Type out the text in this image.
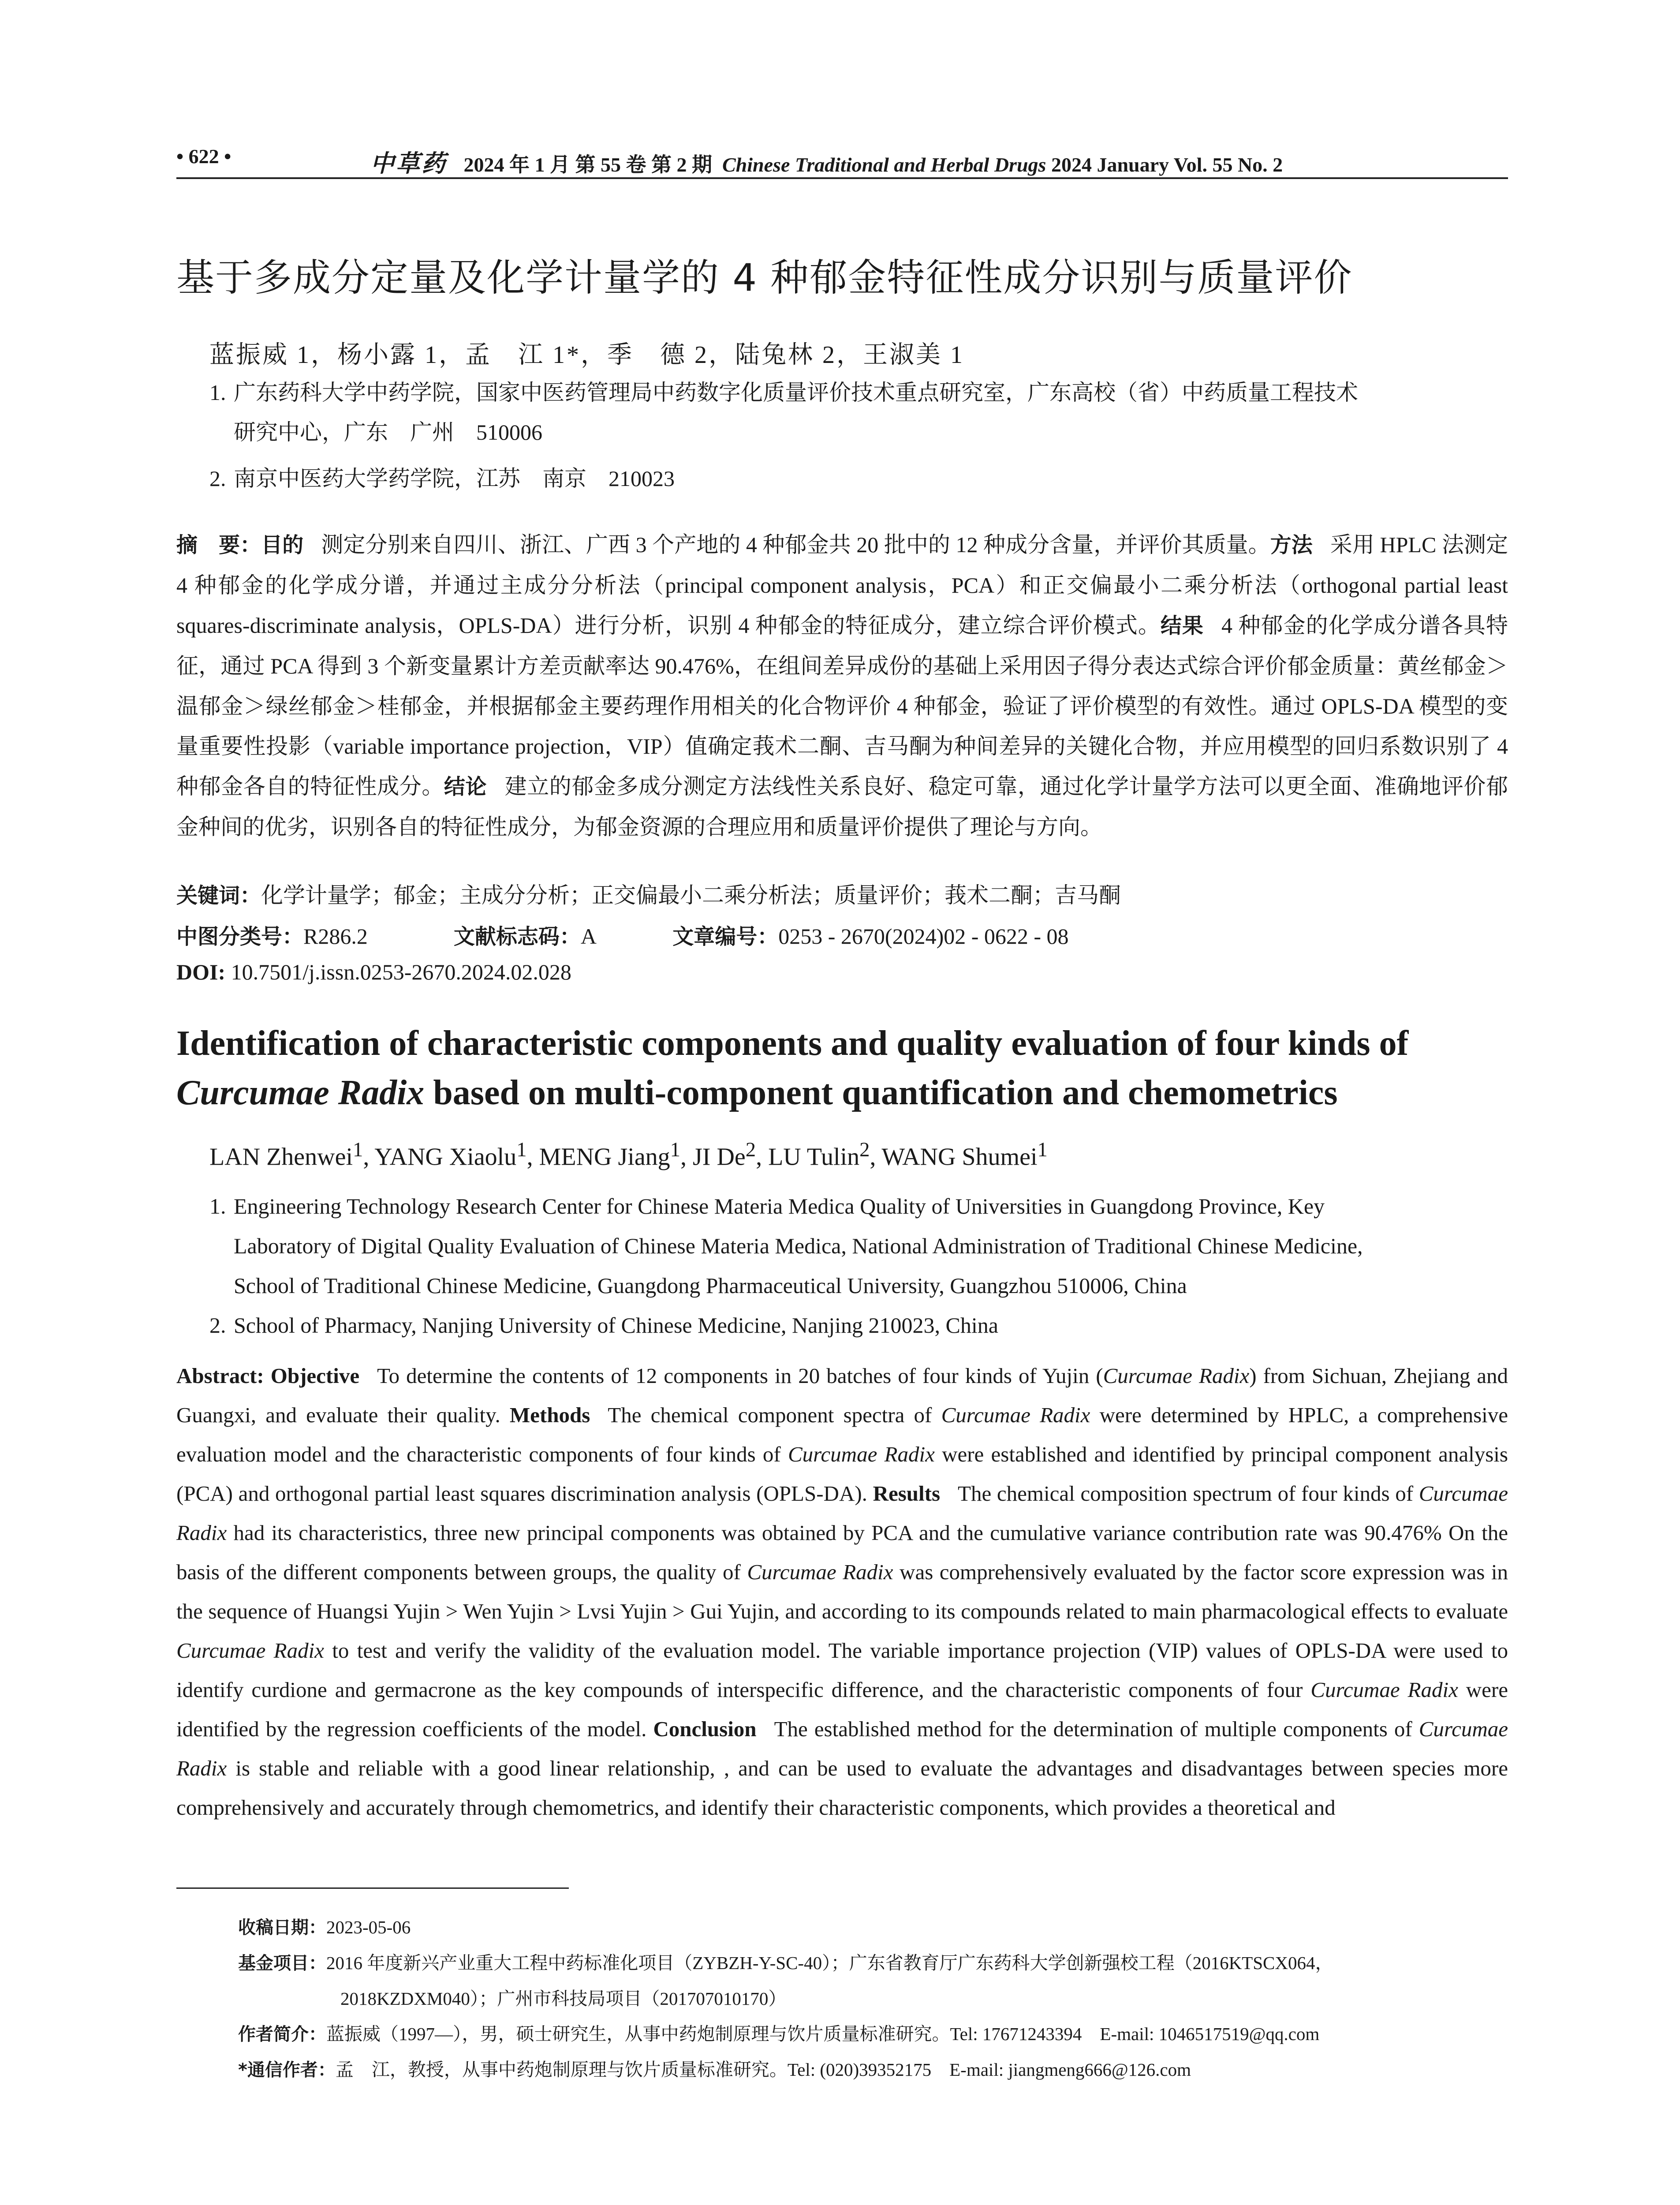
• 622 •	中草药 2024 年 1 月 第 55 卷 第 2 期 Chinese Traditional and Herbal Drugs 2024 January Vol. 55 No. 2
基于多成分定量及化学计量学的 4 种郁金特征性成分识别与质量评价
蓝振威 1，杨小露 1，孟　江 1*，季　德 2，陆兔林 2，王淑美 1
1. 广东药科大学中药学院，国家中医药管理局中药数字化质量评价技术重点研究室，广东高校（省）中药质量工程技术
研究中心，广东　广州　510006
2. 南京中医药大学药学院，江苏　南京　210023
摘　要：目的 测定分别来自四川、浙江、广西 3 个产地的 4 种郁金共 20 批中的 12 种成分含量，并评价其质量。方法 采用 HPLC 法测定 4 种郁金的化学成分谱，并通过主成分分析法（principal component analysis，PCA）和正交偏最小二乘分析法（orthogonal partial least squares-discriminate analysis，OPLS-DA）进行分析，识别 4 种郁金的特征成分，建立综合评价模式。结果 4 种郁金的化学成分谱各具特征，通过 PCA 得到 3 个新变量累计方差贡献率达 90.476%，在组间差异成份的基础上采用因子得分表达式综合评价郁金质量：黄丝郁金＞温郁金＞绿丝郁金＞桂郁金，并根据郁金主要药理作用相关的化合物评价 4 种郁金，验证了评价模型的有效性。通过 OPLS-DA 模型的变量重要性投影（variable importance projection，VIP）值确定莪术二酮、吉马酮为种间差异的关键化合物，并应用模型的回归系数识别了 4 种郁金各自的特征性成分。结论 建立的郁金多成分测定方法线性关系良好、稳定可靠，通过化学计量学方法可以更全面、准确地评价郁金种间的优劣，识别各自的特征性成分，为郁金资源的合理应用和质量评价提供了理论与方向。
关键词：化学计量学；郁金；主成分分析；正交偏最小二乘分析法；质量评价；莪术二酮；吉马酮
中图分类号：R286.2	文献标志码：A	文章编号：0253 - 2670(2024)02 - 0622 - 08
DOI: 10.7501/j.issn.0253-2670.2024.02.028
Identification of characteristic components and quality evaluation of four kinds of Curcumae Radix based on multi-component quantification and chemometrics
LAN Zhenwei$^1$, YANG Xiaolu$^1$, MENG Jiang$^1$, JI De$^2$, LU Tulin$^2$, WANG Shumei$^1$
1. Engineering Technology Research Center for Chinese Materia Medica Quality of Universities in Guangdong Province, Key
Laboratory of Digital Quality Evaluation of Chinese Materia Medica, National Administration of Traditional Chinese Medicine,
School of Traditional Chinese Medicine, Guangdong Pharmaceutical University, Guangzhou 510006, China
2. School of Pharmacy, Nanjing University of Chinese Medicine, Nanjing 210023, China
Abstract: Objective To determine the contents of 12 components in 20 batches of four kinds of Yujin (Curcumae Radix) from Sichuan, Zhejiang and Guangxi, and evaluate their quality. Methods The chemical component spectra of Curcumae Radix were determined by HPLC, a comprehensive evaluation model and the characteristic components of four kinds of Curcumae Radix were established and identified by principal component analysis (PCA) and orthogonal partial least squares discrimination analysis (OPLS-DA). Results The chemical composition spectrum of four kinds of Curcumae Radix had its characteristics, three new principal components was obtained by PCA and the cumulative variance contribution rate was 90.476% On the basis of the different components between groups, the quality of Curcumae Radix was comprehensively evaluated by the factor score expression was in the sequence of Huangsi Yujin > Wen Yujin > Lvsi Yujin > Gui Yujin, and according to its compounds related to main pharmacological effects to evaluate Curcumae Radix to test and verify the validity of the evaluation model. The variable importance projection (VIP) values of OPLS-DA were used to identify curdione and germacrone as the key compounds of interspecific difference, and the characteristic components of four Curcumae Radix were identified by the regression coefficients of the model. Conclusion The established method for the determination of multiple components of Curcumae Radix is stable and reliable with a good linear relationship, , and can be used to evaluate the advantages and disadvantages between species more comprehensively and accurately through chemometrics, and identify their characteristic components, which provides a theoretical and
收稿日期：2023-05-06
基金项目：2016 年度新兴产业重大工程中药标准化项目（ZYBZH-Y-SC-40）；广东省教育厅广东药科大学创新强校工程（2016KTSCX064，
2018KZDXM040）；广州市科技局项目（201707010170）
作者简介：蓝振威（1997—），男，硕士研究生，从事中药炮制原理与饮片质量标准研究。Tel: 17671243394　E-mail: 1046517519@qq.com
*通信作者：孟　江，教授，从事中药炮制原理与饮片质量标准研究。Tel: (020)39352175　E-mail: jiangmeng666@126.com
